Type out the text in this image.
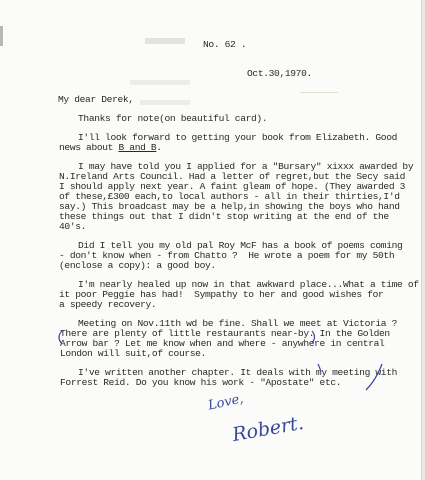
No. 62 .
Oct.30,1970.
My dear Derek,
Thanks for note(on beautiful card).
I'll look forward to getting your book from Elizabeth. Good
news about B and B.
I may have told you I applied for a "Bursary" xixxx awarded by
N.Ireland Arts Council. Had a letter of regret,but the Secy said
I should apply next year. A faint gleam of hope. (They awarded 3
of these,£300 each,to local authors - all in their thirties,I'd
say.) This broadcast may be a help,in showing the boys who hand
these things out that I didn't stop writing at the end of the
40's.
Did I tell you my old pal Roy McF has a book of poems coming
- don't know when - from Chatto ?  He wrote a poem for my 50th
(enclose a copy): a good boy.
I'm nearly healed up now in that awkward place...What a time of
it poor Peggie has had!  Sympathy to her and good wishes for
a speedy recovery.
Meeting on Nov.11th wd be fine. Shall we meet at Victoria ?
There are plenty of little restaurants near-by. In the Golden
Arrow bar ? Let me know when and where - anywhere in central
London will suit,of course.
I've written another chapter. It deals with my meeting with
Forrest Reid. Do you know his work - "Apostate" etc.
Love,
Robert.
